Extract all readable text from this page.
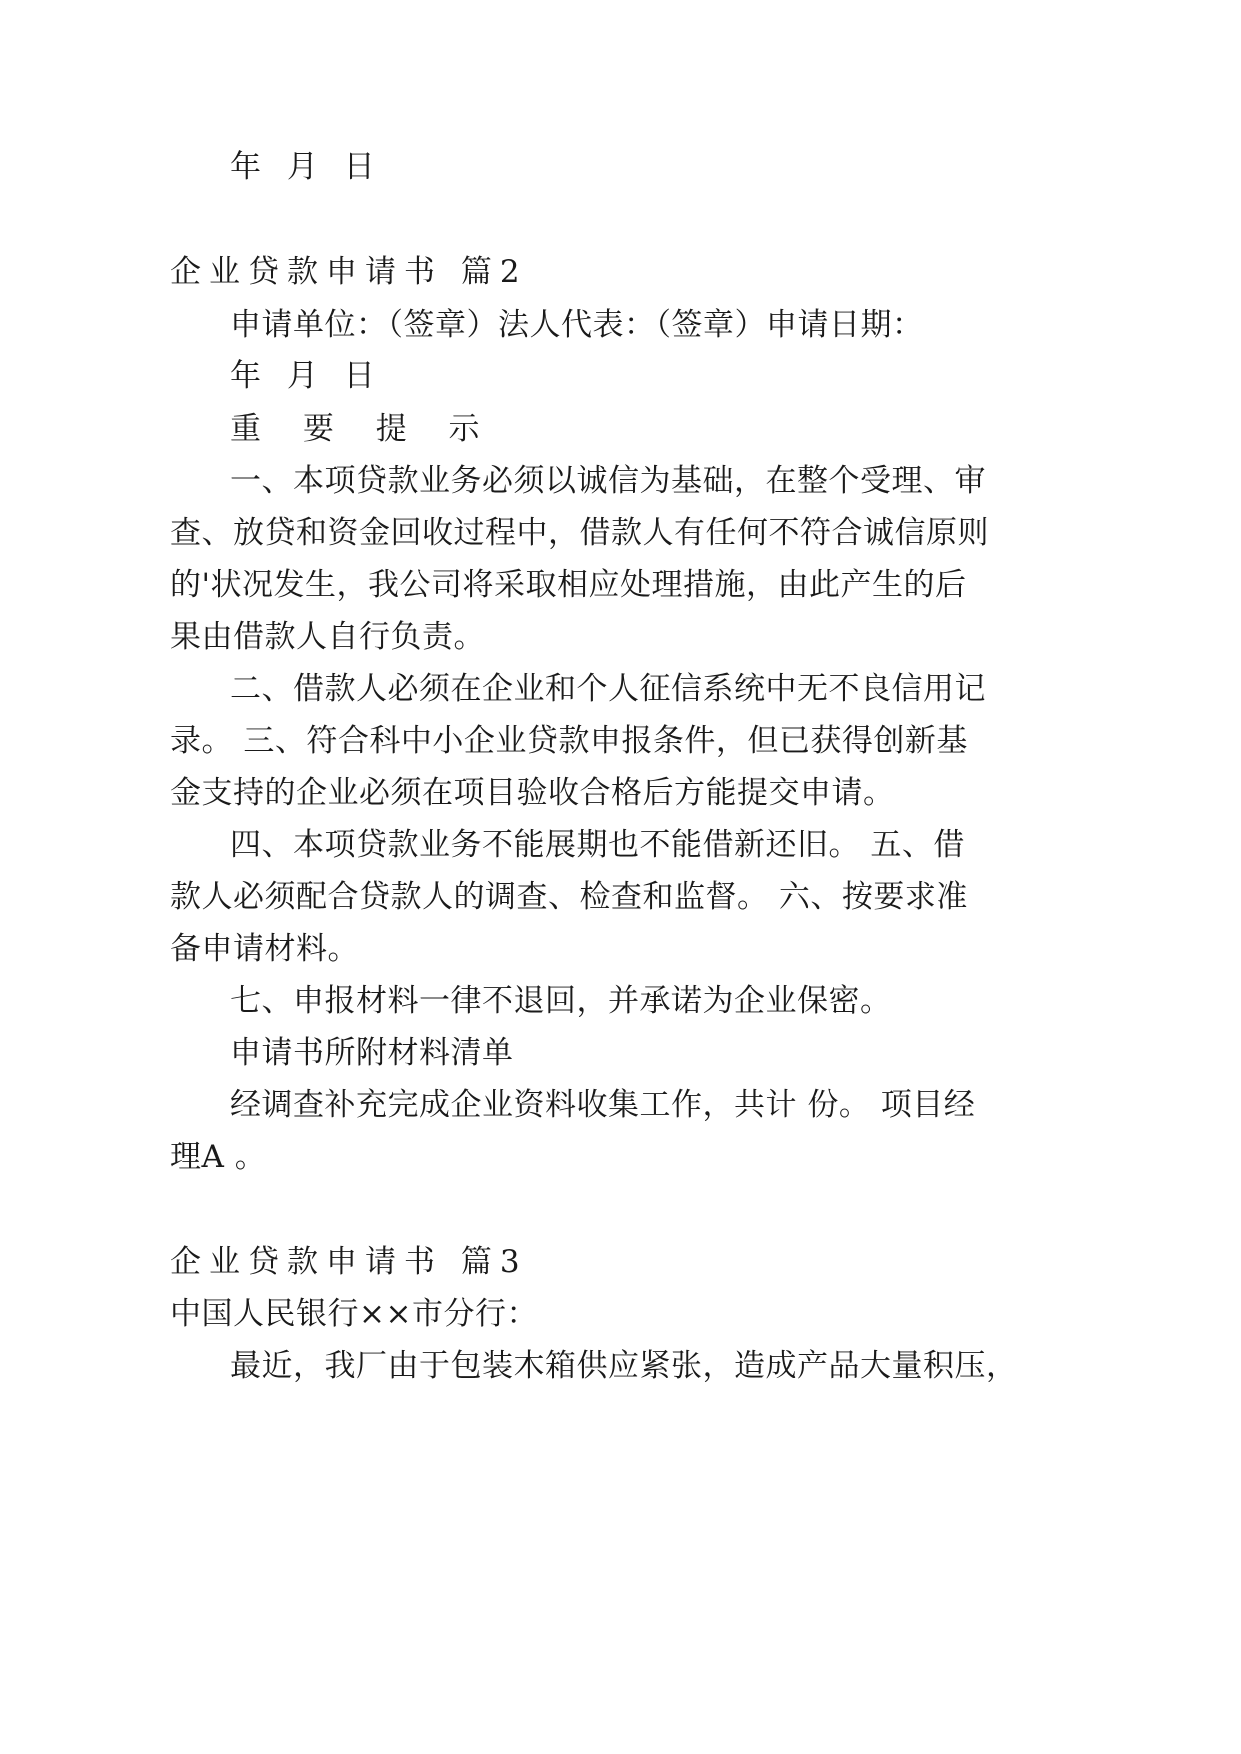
年 月 日
企业贷款申请书 篇2
申请单位：（签章）法人代表：（签章）申请日期：
年 月 日
重 要 提 示
一、本项贷款业务必须以诚信为基础，在整个受理、审
查、放贷和资金回收过程中，借款人有任何不符合诚信原则
的'状况发生，我公司将采取相应处理措施，由此产生的后
果由借款人自行负责。
二、借款人必须在企业和个人征信系统中无不良信用记
录。 三、符合科中小企业贷款申报条件，但已获得创新基
金支持的企业必须在项目验收合格后方能提交申请。
四、本项贷款业务不能展期也不能借新还旧。 五、借
款人必须配合贷款人的调查、检查和监督。 六、按要求准
备申请材料。
七、申报材料一律不退回，并承诺为企业保密。
申请书所附材料清单
经调查补充完成企业资料收集工作，共计 份。 项目经
理A 。
企业贷款申请书 篇3
中国人民银行××市分行：
最近，我厂由于包装木箱供应紧张，造成产品大量积压，
